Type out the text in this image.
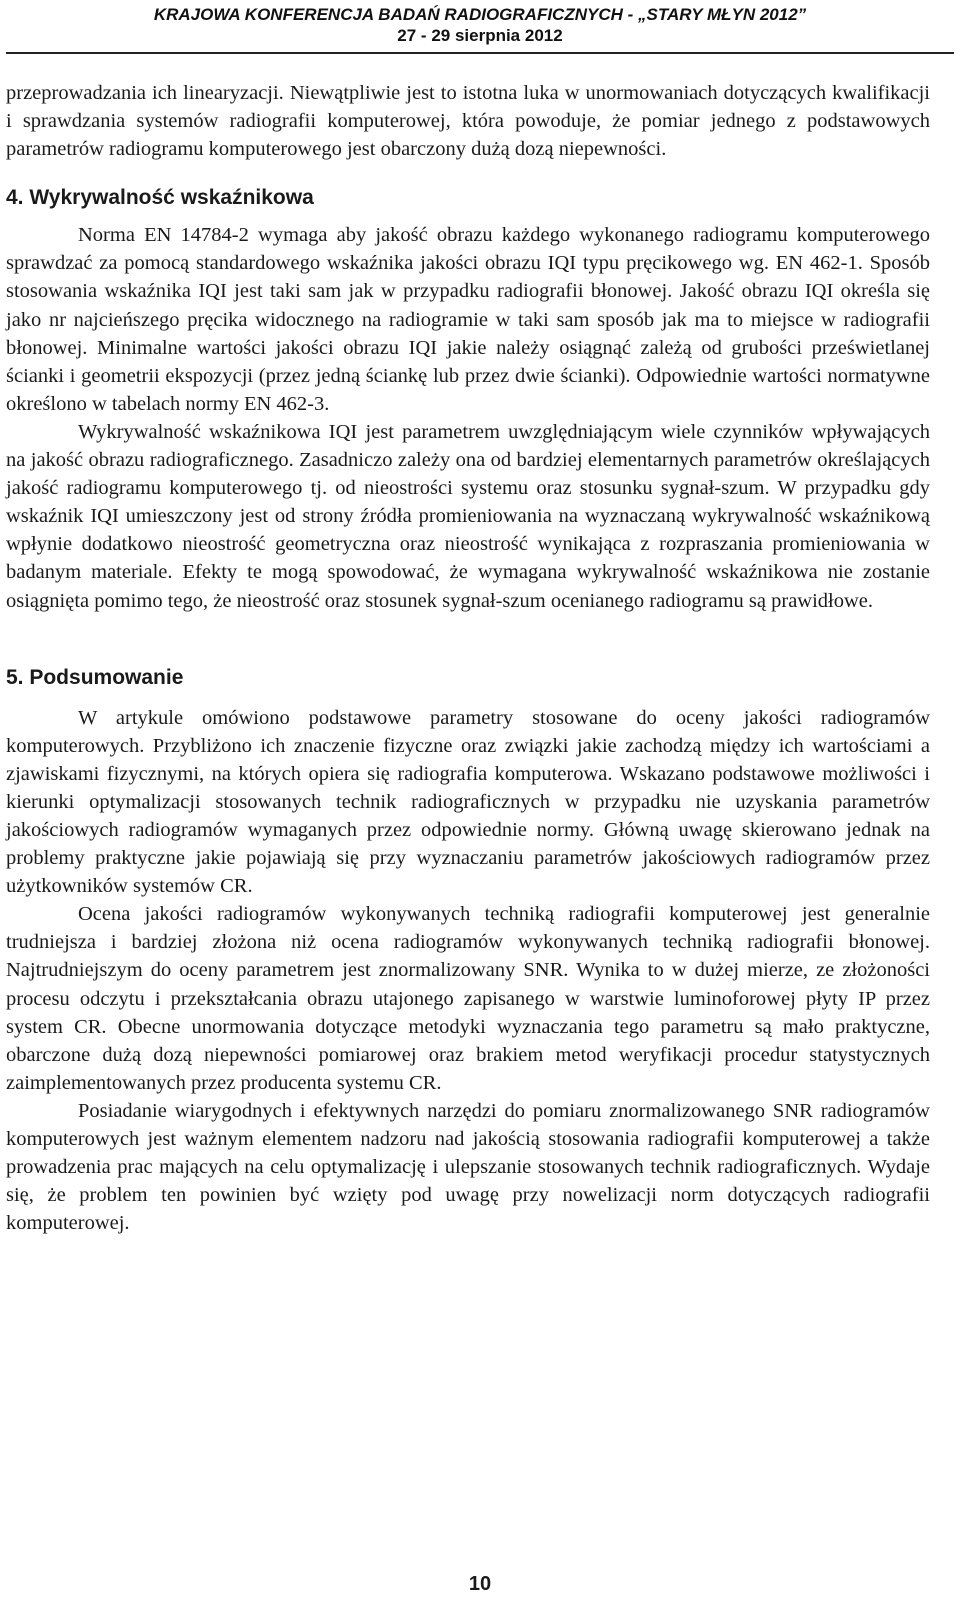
KRAJOWA KONFERENCJA BADAŃ RADIOGRAFICZNYCH - „STARY MŁYN 2012”
27 - 29 sierpnia 2012

przeprowadzania ich linearyzacji. Niewątpliwie jest to istotna luka w unormowaniach dotyczących kwalifikacji i sprawdzania systemów radiografii komputerowej, która powoduje, że pomiar jednego z podstawowych parametrów radiogramu komputerowego jest obarczony dużą dozą niepewności.

4. Wykrywalność wskaźnikowa

Norma EN 14784-2 wymaga aby jakość obrazu każdego wykonanego radiogramu komputerowego sprawdzać za pomocą standardowego wskaźnika jakości obrazu IQI typu pręcikowego wg. EN 462-1. Sposób stosowania wskaźnika IQI jest taki sam jak w przypadku radiografii błonowej. Jakość obrazu IQI określa się jako nr najcieńszego pręcika widocznego na radiogramie w taki sam sposób jak ma to miejsce w radiografii błonowej. Minimalne wartości jakości obrazu IQI jakie należy osiągnąć zależą od grubości prześwietlanej ścianki i geometrii ekspozycji (przez jedną ściankę lub przez dwie ścianki). Odpowiednie wartości normatywne określono w tabelach normy EN 462-3.

Wykrywalność wskaźnikowa IQI jest parametrem uwzględniającym wiele czynników wpływających na jakość obrazu radiograficznego. Zasadniczo zależy ona od bardziej elementarnych parametrów określających jakość radiogramu komputerowego tj. od nieostrości systemu oraz stosunku sygnał-szum. W przypadku gdy wskaźnik IQI umieszczony jest od strony źródła promieniowania na wyznaczaną wykrywalność wskaźnikową wpłynie dodatkowo nieostrość geometryczna oraz nieostrość wynikająca z rozpraszania promieniowania w badanym materiale. Efekty te mogą spowodować, że wymagana wykrywalność wskaźnikowa nie zostanie osiągnięta pomimo tego, że nieostrość oraz stosunek sygnał-szum ocenianego radiogramu są prawidłowe.

5. Podsumowanie

W artykule omówiono podstawowe parametry stosowane do oceny jakości radiogramów komputerowych. Przybliżono ich znaczenie fizyczne oraz związki jakie zachodzą między ich wartościami a zjawiskami fizycznymi, na których opiera się radiografia komputerowa. Wskazano podstawowe możliwości i kierunki optymalizacji stosowanych technik radiograficznych w przypadku nie uzyskania parametrów jakościowych radiogramów wymaganych przez odpowiednie normy. Główną uwagę skierowano jednak na problemy praktyczne jakie pojawiają się przy wyznaczaniu parametrów jakościowych radiogramów przez użytkowników systemów CR.

Ocena jakości radiogramów wykonywanych techniką radiografii komputerowej jest generalnie trudniejsza i bardziej złożona niż ocena radiogramów wykonywanych techniką radiografii błonowej. Najtrudniejszym do oceny parametrem jest znormalizowany SNR. Wynika to w dużej mierze, ze złożoności procesu odczytu i przekształcania obrazu utajonego zapisanego w warstwie luminoforowej płyty IP przez system CR. Obecne unormowania dotyczące metodyki wyznaczania tego parametru są mało praktyczne, obarczone dużą dozą niepewności pomiarowej oraz brakiem metod weryfikacji procedur statystycznych zaimplementowanych przez producenta systemu CR.

Posiadanie wiarygodnych i efektywnych narzędzi do pomiaru znormalizowanego SNR radiogramów komputerowych jest ważnym elementem nadzoru nad jakością stosowania radiografii komputerowej a także prowadzenia prac mających na celu optymalizację i ulepszanie stosowanych technik radiograficznych. Wydaje się, że problem ten powinien być wzięty pod uwagę przy nowelizacji norm dotyczących radiografii komputerowej.

10
